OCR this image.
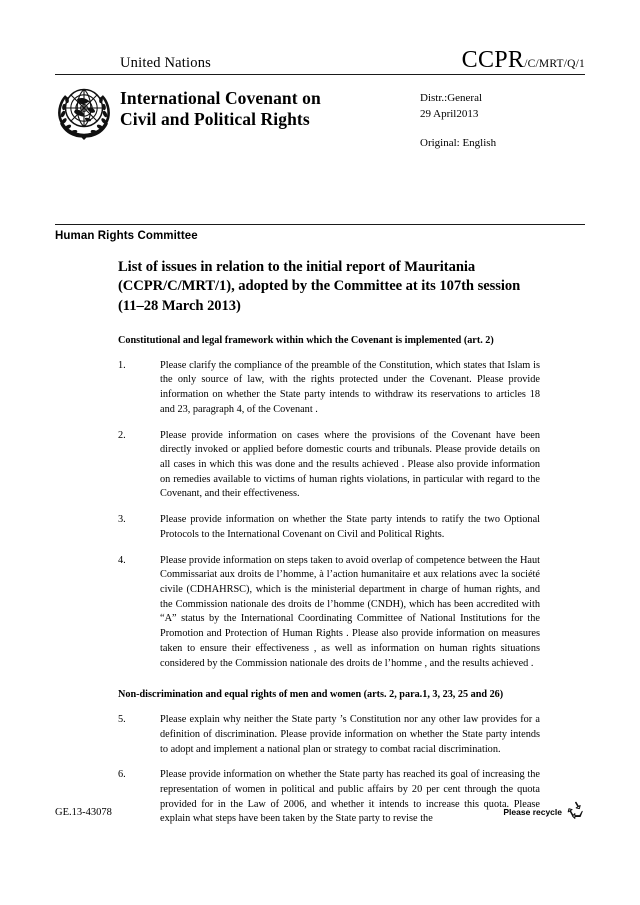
United Nations	CCPR/C/MRT/Q/1
International Covenant on
Civil and Political Rights
Distr.:General
29 April2013
Original: English
Human Rights Committee
List of issues in relation to the initial report of Mauritania (CCPR/C/MRT/1), adopted by the Committee at its 107th session (11–28 March 2013)
Constitutional and legal framework within which the Covenant is implemented (art. 2)
1.	Please clarify the compliance of the preamble of the Constitution, which states that Islam is the only source of law, with the rights protected under the Covenant. Please provide information on whether the State party intends to withdraw its reservations to articles 18 and 23, paragraph 4, of the Covenant .
2.	Please provide information on cases where the provisions of the Covenant have been directly invoked or applied before domestic courts and tribunals. Please provide details on all cases in which this was done and the results achieved . Please also provide information on remedies available to victims of human rights violations, in particular with regard to the Covenant, and their effectiveness.
3.	Please provide information on whether the State party intends to ratify the two Optional Protocols to the International Covenant on Civil and Political Rights.
4.	Please provide information on steps taken to avoid overlap of competence between the Haut Commissariat aux droits de l’homme, à l’action humanitaire et aux relations avec la société civile (CDHAHRSC), which is the ministerial department in charge of human rights, and the Commission nationale des droits de l’homme (CNDH), which has been accredited with “A” status by the International Coordinating Committee of National Institutions for the Promotion and Protection of Human Rights . Please also provide information on measures taken to ensure their effectiveness , as well as information on human rights situations considered by the Commission nationale des droits de l’homme , and the results achieved .
Non-discrimination and equal rights of men and women (arts. 2, para.1, 3, 23, 25 and 26)
5.	Please explain why neither the State party ’s Constitution nor any other law provides for a definition of discrimination. Please provide information on whether the State party intends to adopt and implement a national plan or strategy to combat racial discrimination.
6.	Please provide information on whether the State party has reached its goal of increasing the representation of women in political and public affairs by 20 per cent through the quota provided for in the Law of 2006, and whether it intends to increase this quota. Please explain what steps have been taken by the State party to revise the
GE.13-43078	Please recycle
